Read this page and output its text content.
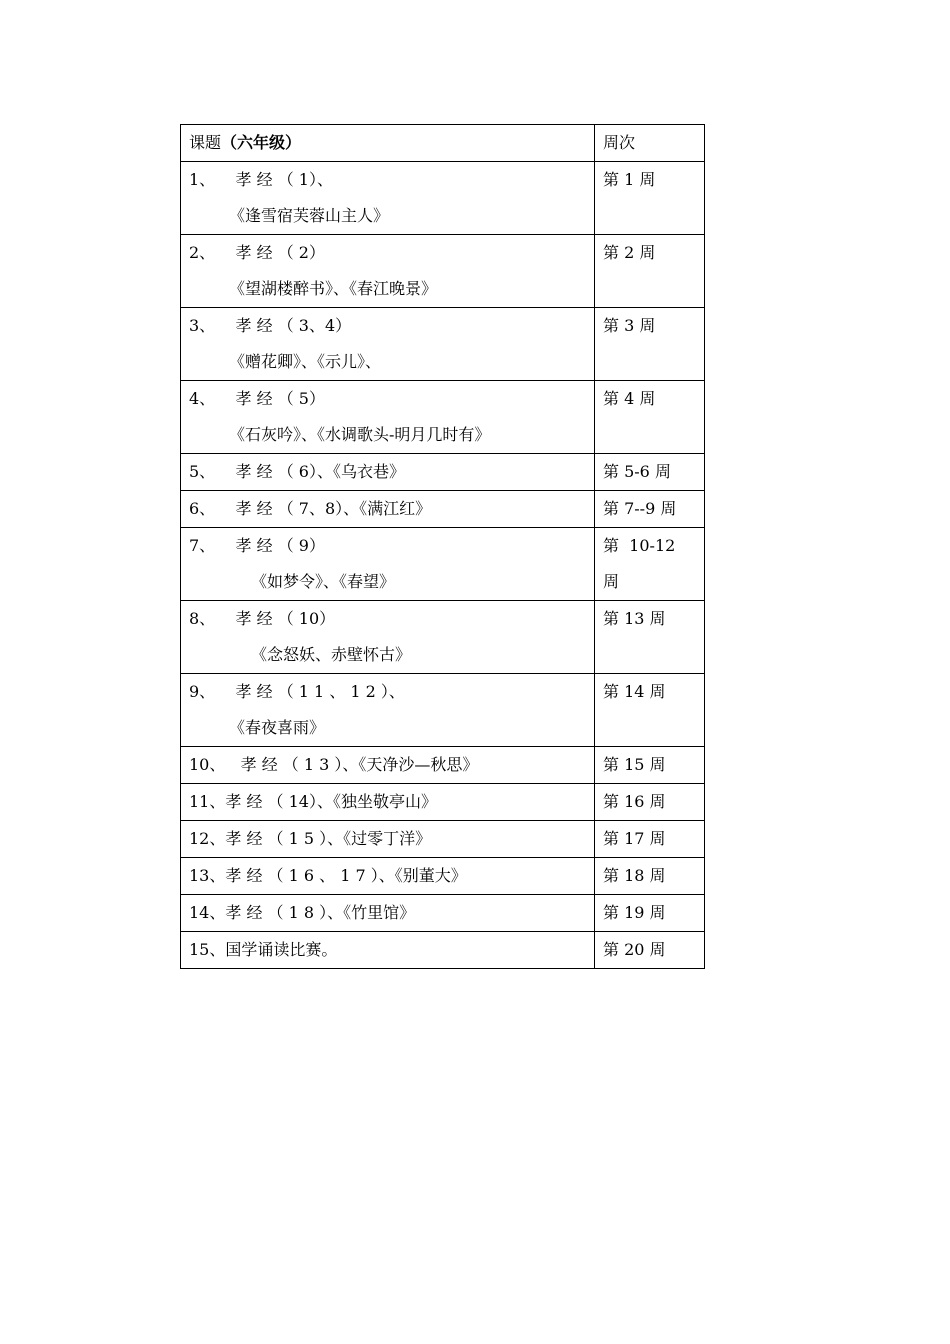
课题（六年级）	周次

1、    孝 经 （ 1）、
《逢雪宿芙蓉山主人》	第 1 周

2、    孝 经 （ 2）
《望湖楼醉书》、《春江晚景》	第 2 周

3、    孝 经 （ 3、4）
《赠花卿》、《示儿》、	第 3 周

4、    孝 经 （ 5）
《石灰吟》、《水调歌头-明月几时有》	第 4 周

5、    孝 经 （ 6）、《乌衣巷》	第 5-6 周

6、    孝 经 （ 7、8）、《满江红》	第 7--9 周

7、    孝 经 （ 9）
《如梦令》、《春望》	第  10-12
周

8、    孝 经 （ 10）
《念怒妖、赤壁怀古》	第 13 周

9、    孝 经 （ 1 1 、 1 2 ）、
《春夜喜雨》	第 14 周

10、   孝 经 （ 1 3 ）、《天净沙—秋思》	第 15 周

11、孝 经 （ 14）、《独坐敬亭山》	第 16 周

12、孝 经 （ 1 5 ）、《过零丁洋》	第 17 周

13、孝 经 （ 1 6 、 1 7 ）、《别董大》	第 18 周

14、孝 经 （ 1 8 ）、《竹里馆》	第 19 周

15、国学诵读比赛。	第 20 周
